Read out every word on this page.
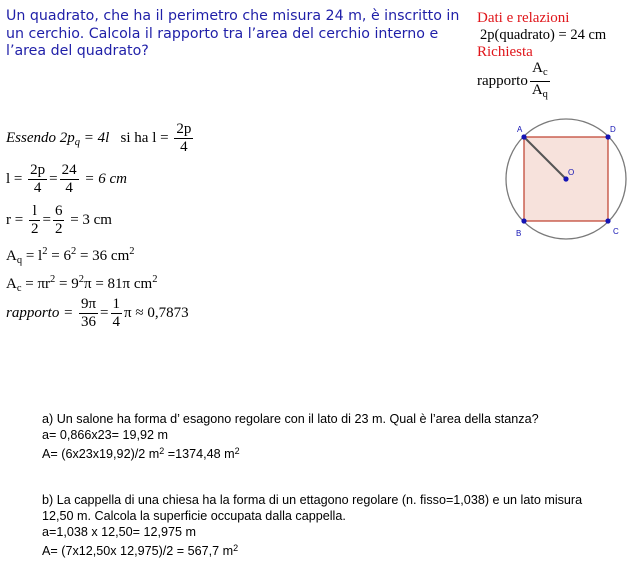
Un quadrato, che ha il perimetro che misura 24 m, è inscritto in un cerchio. Calcola il rapporto tra l’area del cerchio interno e l’area del quadrato?
Dati e relazioni
2p(quadrato) = 24 cm
Richiesta
rapporto $\frac{A_c}{A_q}$
Essendo $2p_q = 4l$ si ha $l = \frac{2p}{4}$
$l = \frac{2p}{4} = \frac{24}{4} = 6$ cm
$r = \frac{l}{2} = \frac{6}{2} = 3$ cm
$A_q = l^2 = 6^2 = 36$ $cm^2$
$A_c = \pi r^2 = 9^2\pi = 81\pi$ $cm^2$
rapporto = $\frac{9\pi}{36} = \frac{1}{4}$ π ≈ 0,7873
A	D
B	C
O
a) Un salone ha forma d’ esagono regolare con il lato di 23 m. Qual è l’area della stanza?
a= 0,866x23= 19,92 m
A= (6x23x19,92)/2 $m^2 =1374,48$ $m^2$
b) La cappella di una chiesa ha la forma di un ettagono regolare (n. fisso=1,038) e un lato misura
12,50 m. Calcola la superficie occupata dalla cappella.
a=1,038 x 12,50= 12,975 m
A= (7x12,50x 12,975)/2 = 567,7 $m^2$
